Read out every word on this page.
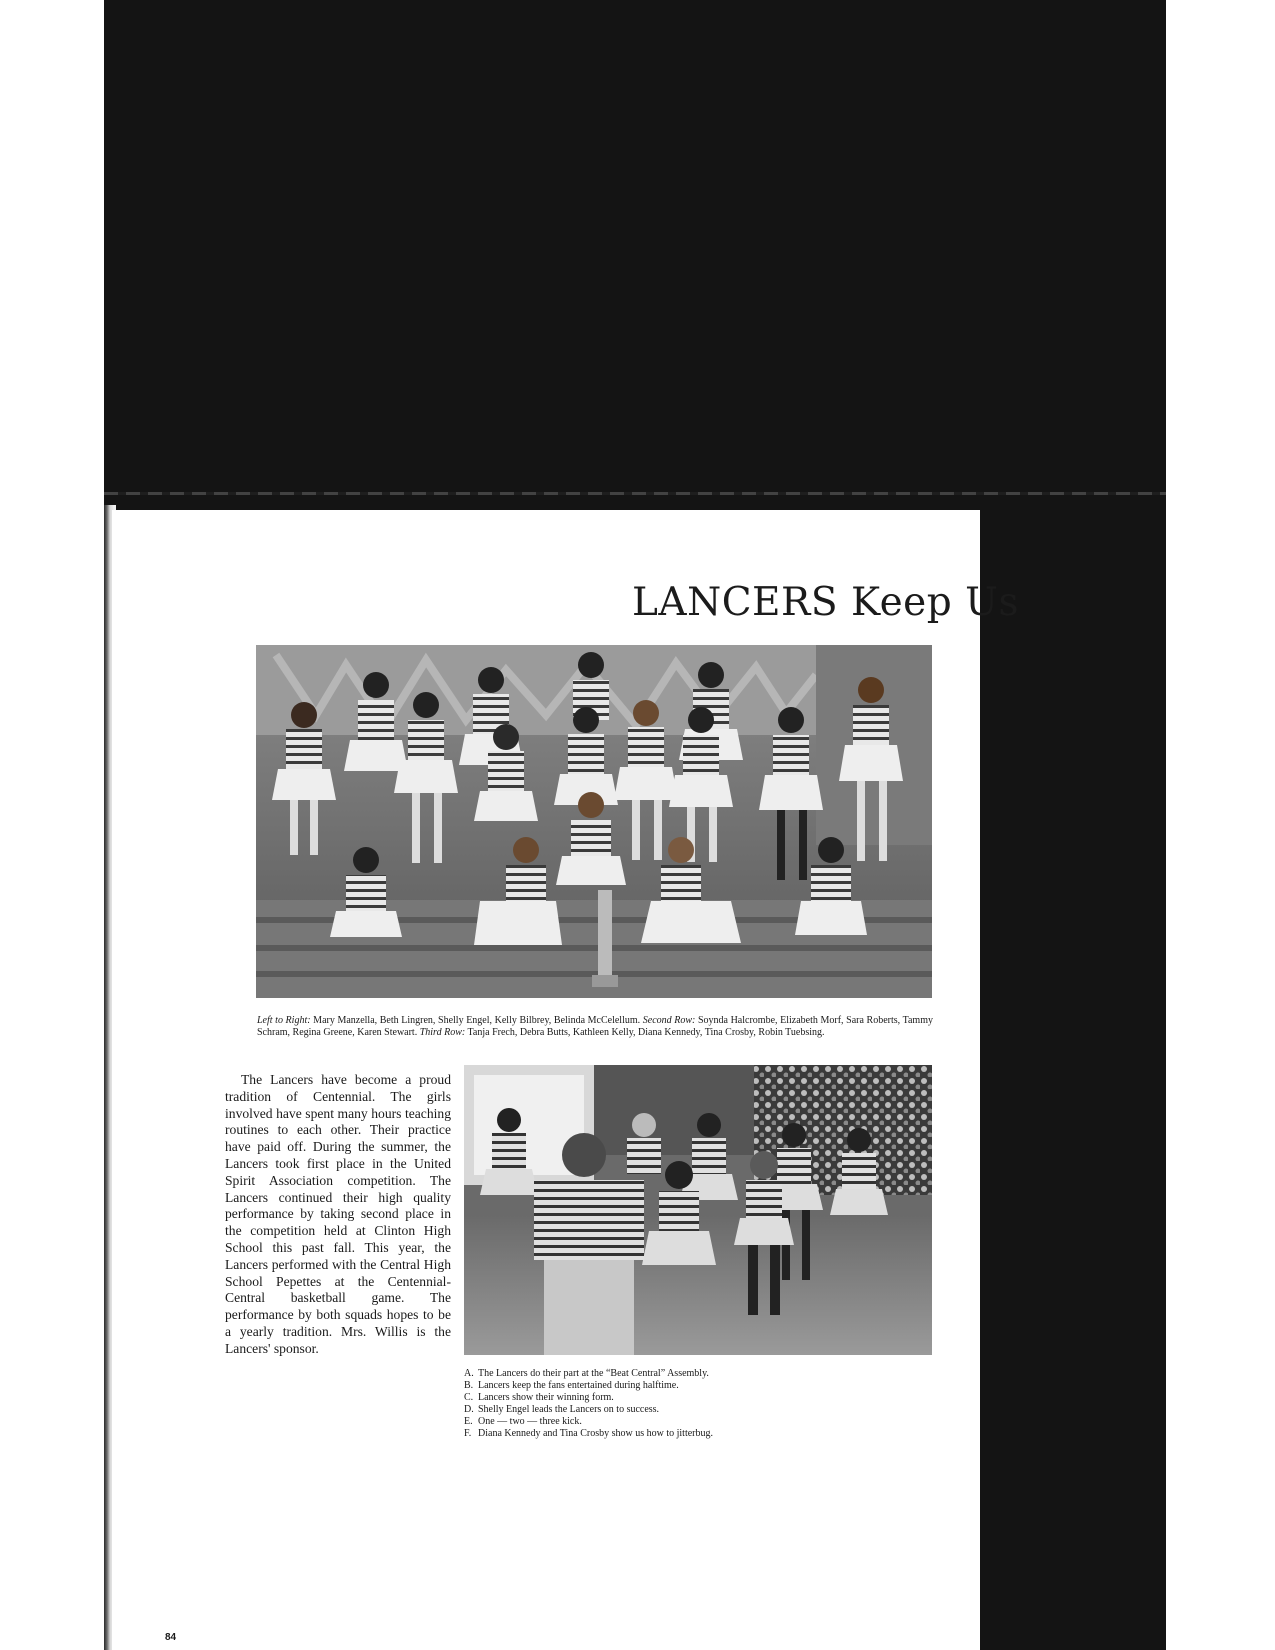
LANCERS Keep Us

Left to Right: Mary Manzella, Beth Lingren, Shelly Engel, Kelly Bilbrey, Belinda McCelellum. Second Row: Soynda Halcrombe, Elizabeth Morf, Sara Roberts, Tammy Schram, Regina Greene, Karen Stewart. Third Row: Tanja Frech, Debra Butts, Kathleen Kelly, Diana Kennedy, Tina Crosby, Robin Tuebsing.

The Lancers have become a proud tradition of Centennial. The girls involved have spent many hours teaching routines to each other. Their practice have paid off. During the summer, the Lancers took first place in the United Spirit Association competition. The Lancers continued their high quality performance by taking second place in the competition held at Clinton High School this past fall. This year, the Lancers performed with the Central High School Pepettes at the Centennial-Central basketball game. The performance by both squads hopes to be a yearly tradition. Mrs. Willis is the Lancers' sponsor.

A. The Lancers do their part at the “Beat Central” Assembly.
B. Lancers keep the fans entertained during halftime.
C. Lancers show their winning form.
D. Shelly Engel leads the Lancers on to success.
E. One — two — three kick.
F. Diana Kennedy and Tina Crosby show us how to jitterbug.
84
